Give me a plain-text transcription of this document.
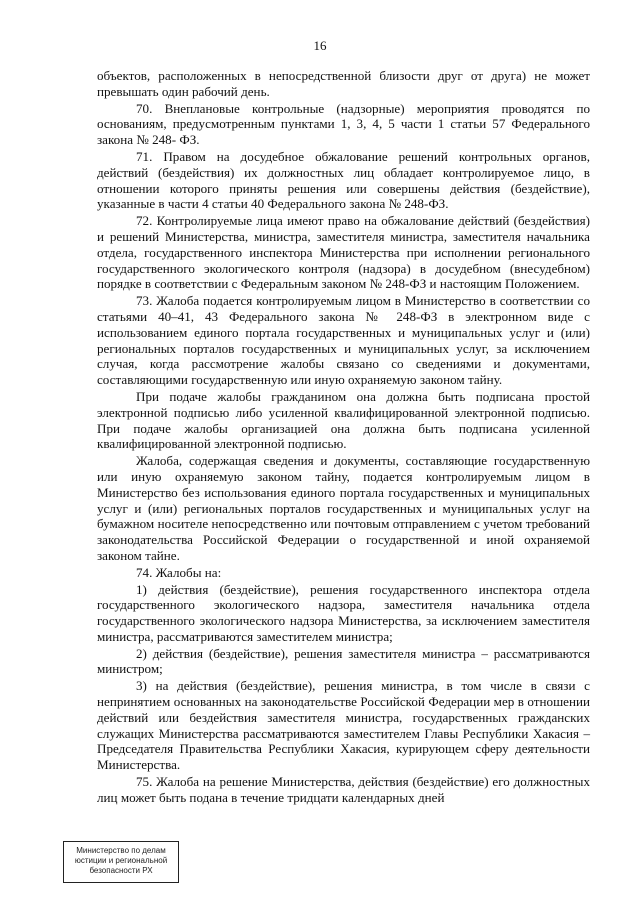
16

объектов, расположенных в непосредственной близости друг от друга) не может превышать один рабочий день.

70. Внеплановые контрольные (надзорные) мероприятия проводятся по основаниям, предусмотренным пунктами 1, 3, 4, 5 части 1 статьи 57 Федерального закона № 248- ФЗ.

71. Правом на досудебное обжалование решений контрольных органов, действий (бездействия) их должностных лиц обладает контролируемое лицо, в отношении которого приняты решения или совершены действия (бездействие), указанные в части 4 статьи 40 Федерального закона № 248-ФЗ.

72. Контролируемые лица имеют право на обжалование действий (бездействия) и решений Министерства, министра, заместителя министра, заместителя начальника отдела, государственного инспектора Министерства при исполнении регионального государственного экологического контроля (надзора) в досудебном (внесудебном) порядке в соответствии с Федеральным законом № 248-ФЗ и настоящим Положением.

73. Жалоба подается контролируемым лицом в Министерство в соответствии со статьями 40–41, 43 Федерального закона № 248-ФЗ в электронном виде с использованием единого портала государственных и муниципальных услуг и (или) региональных порталов государственных и муниципальных услуг, за исключением случая, когда рассмотрение жалобы связано со сведениями и документами, составляющими государственную или иную охраняемую законом тайну.

При подаче жалобы гражданином она должна быть подписана простой электронной подписью либо усиленной квалифицированной электронной подписью. При подаче жалобы организацией она должна быть подписана усиленной квалифицированной электронной подписью.

Жалоба, содержащая сведения и документы, составляющие государственную или иную охраняемую законом тайну, подается контролируемым лицом в Министерство без использования единого портала государственных и муниципальных услуг и (или) региональных порталов государственных и муниципальных услуг на бумажном носителе непосредственно или почтовым отправлением с учетом требований законодательства Российской Федерации о государственной и иной охраняемой законом тайне.

74. Жалобы на:

1) действия (бездействие), решения государственного инспектора отдела государственного экологического надзора, заместителя начальника отдела государственного экологического надзора Министерства, за исключением заместителя министра, рассматриваются заместителем министра;

2) действия (бездействие), решения заместителя министра – рассматриваются министром;

3) на действия (бездействие), решения министра, в том числе в связи с непринятием основанных на законодательстве Российской Федерации мер в отношении действий или бездействия заместителя министра, государственных гражданских служащих Министерства рассматриваются заместителем Главы Республики Хакасия – Председателя Правительства Республики Хакасия, курирующем сферу деятельности Министерства.

75. Жалоба на решение Министерства, действия (бездействие) его должностных лиц может быть подана в течение тридцати календарных дней

Министерство по делам
юстиции и региональной
безопасности РХ
